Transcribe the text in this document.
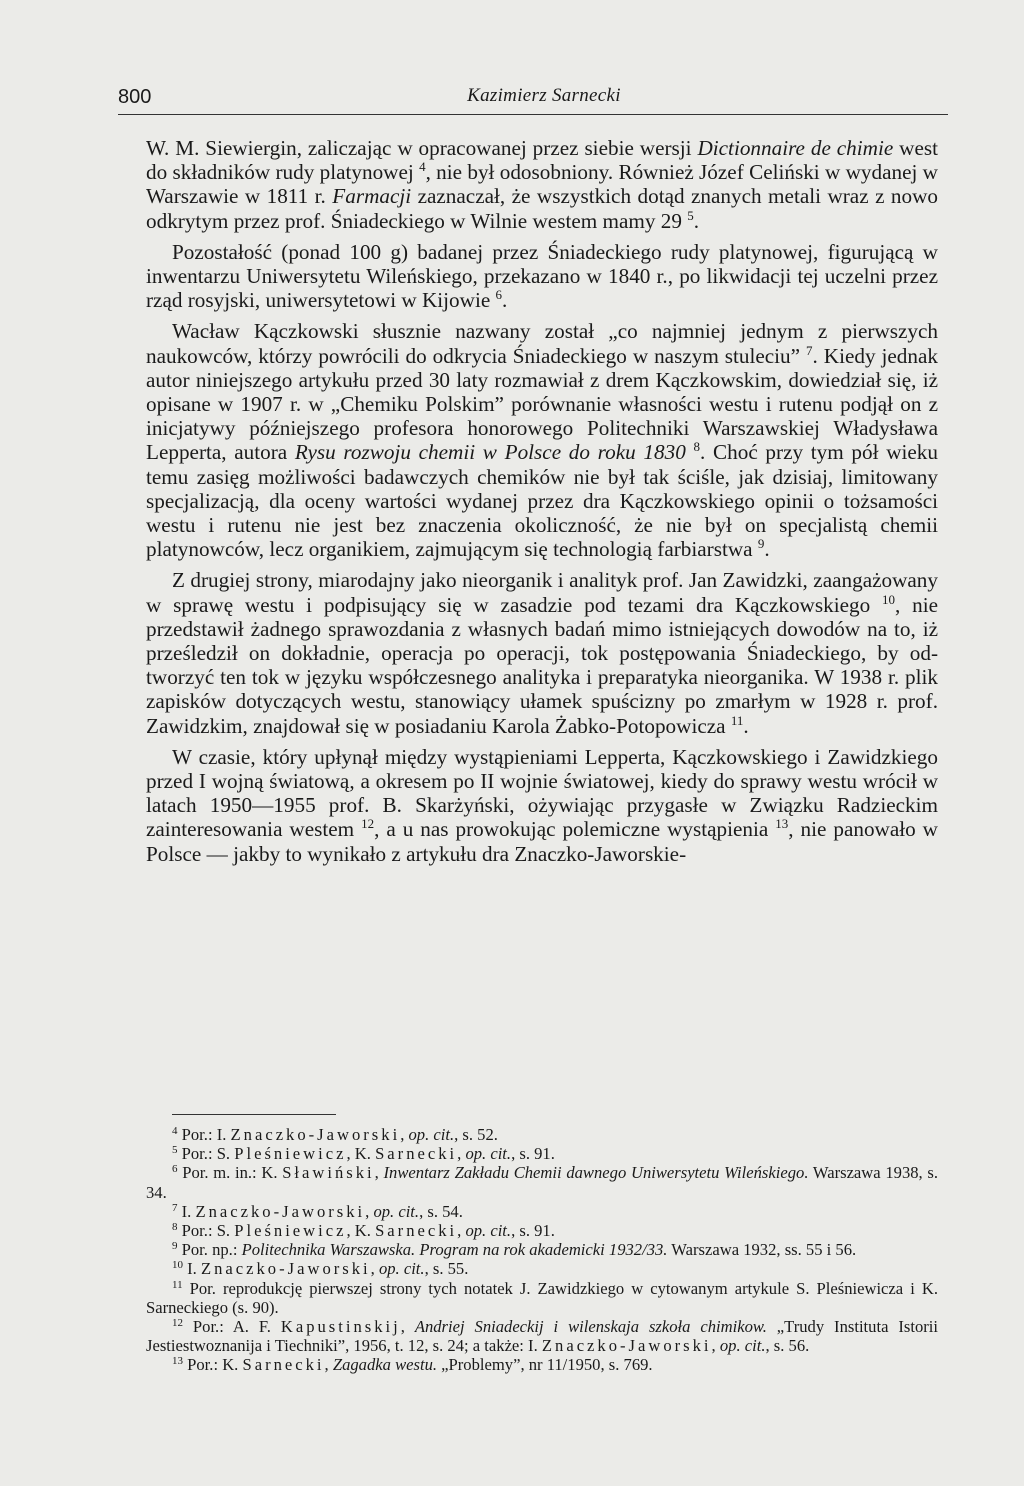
800	Kazimierz Sarnecki

W. M. Siewiergin, zaliczając w opracowanej przez siebie wersji Dictionnaire de chimie west do składników rudy platynowej $^4$, nie był odosobniony. Również Józef Celiński w wydanej w Warszawie w 1811 r. Farmacji zaznaczał, że wszystkich dotąd znanych metali wraz z nowo odkrytym przez prof. Śniadeckiego w Wilnie westem mamy 29 $^5$.

Pozostałość (ponad 100 g) badanej przez Śniadeckiego rudy platynowej, figurującą w inwentarzu Uniwersytetu Wileńskiego, przekazano w 1840 r., po likwidacji tej uczelni przez rząd rosyjski, uniwersytetowi w Kijowie $^6$.

Wacław Kączkowski słusznie nazwany został „co najmniej jednym z pierwszych naukowców, którzy powrócili do odkrycia Śniadeckiego w naszym stuleciu” $^7$. Kiedy jednak autor niniejszego artykułu przed 30 laty rozmawiał z drem Kączkowskim, dowiedział się, iż opisane w 1907 r. w „Chemiku Polskim” porównanie własności westu i rutenu podjął on z inicjatywy późniejszego profesora honorowego Politechniki Warszawskiej Władysława Lepperta, autora Rysu rozwoju chemii w Polsce do roku 1830 $^8$. Choć przy tym pół wieku temu zasięg możliwości badawczych chemików nie był tak ściśle, jak dzisiaj, limitowany specjalizacją, dla oceny wartości wydanej przez dra Kączkowskiego opinii o tożsamości westu i rutenu nie jest bez znaczenia okoliczność, że nie był on specjalistą chemii platynowców, lecz organikiem, zajmującym się technologią farbiarstwa $^9$.

Z drugiej strony, miarodajny jako nieorganik i analityk prof. Jan Zawidzki, zaangażowany w sprawę westu i podpisujący się w zasadzie pod tezami dra Kączkowskiego $^{10}$, nie przedstawił żadnego sprawozdania z własnych badań mimo istniejących dowodów na to, iż prześledził on dokładnie, operacja po operacji, tok postępowania Śniadeckiego, by odtworzyć ten tok w języku współczesnego analityka i preparatyka nieorganika. W 1938 r. plik zapisków dotyczących westu, stanowiący ułamek spuścizny po zmarłym w 1928 r. prof. Zawidzkim, znajdował się w posiadaniu Karola Żabko-Potopowicza $^{11}$.

W czasie, który upłynął między wystąpieniami Lepperta, Kączkowskiego i Zawidzkiego przed I wojną światową, a okresem po II wojnie światowej, kiedy do sprawy westu wrócił w latach 1950—1955 prof. B. Skarżyński, ożywiając przygasłe w Związku Radzieckim zainteresowania westem $^{12}$, a u nas prowokując polemiczne wystąpienia $^{13}$, nie panowało w Polsce — jakby to wynikało z artykułu dra Znaczko-Jaworskie-

$^4$ Por.: I. Znaczko-Jaworski, op. cit., s. 52.

$^5$ Por.: S. Pleśniewicz, K. Sarnecki, op. cit., s. 91.

$^6$ Por. m. in.: K. Sławiński, Inwentarz Zakładu Chemii dawnego Uniwersytetu Wileńskiego. Warszawa 1938, s. 34.

$^7$ I. Znaczko-Jaworski, op. cit., s. 54.

$^8$ Por.: S. Pleśniewicz, K. Sarnecki, op. cit., s. 91.

$^9$ Por. np.: Politechnika Warszawska. Program na rok akademicki 1932/33. Warszawa 1932, ss. 55 i 56.

$^{10}$ I. Znaczko-Jaworski, op. cit., s. 55.

$^{11}$ Por. reprodukcję pierwszej strony tych notatek J. Zawidzkiego w cytowanym artykule S. Pleśniewicza i K. Sarneckiego (s. 90).

$^{12}$ Por.: A. F. Kapustinskij, Andriej Sniadeckij i wilenskaja szkoła chimikow. „Trudy Instituta Istorii Jestiestwoznanija i Tiechniki”, 1956, t. 12, s. 24; a także: I. Znaczko-Jaworski, op. cit., s. 56.

$^{13}$ Por.: K. Sarnecki, Zagadka westu. „Problemy”, nr 11/1950, s. 769.
